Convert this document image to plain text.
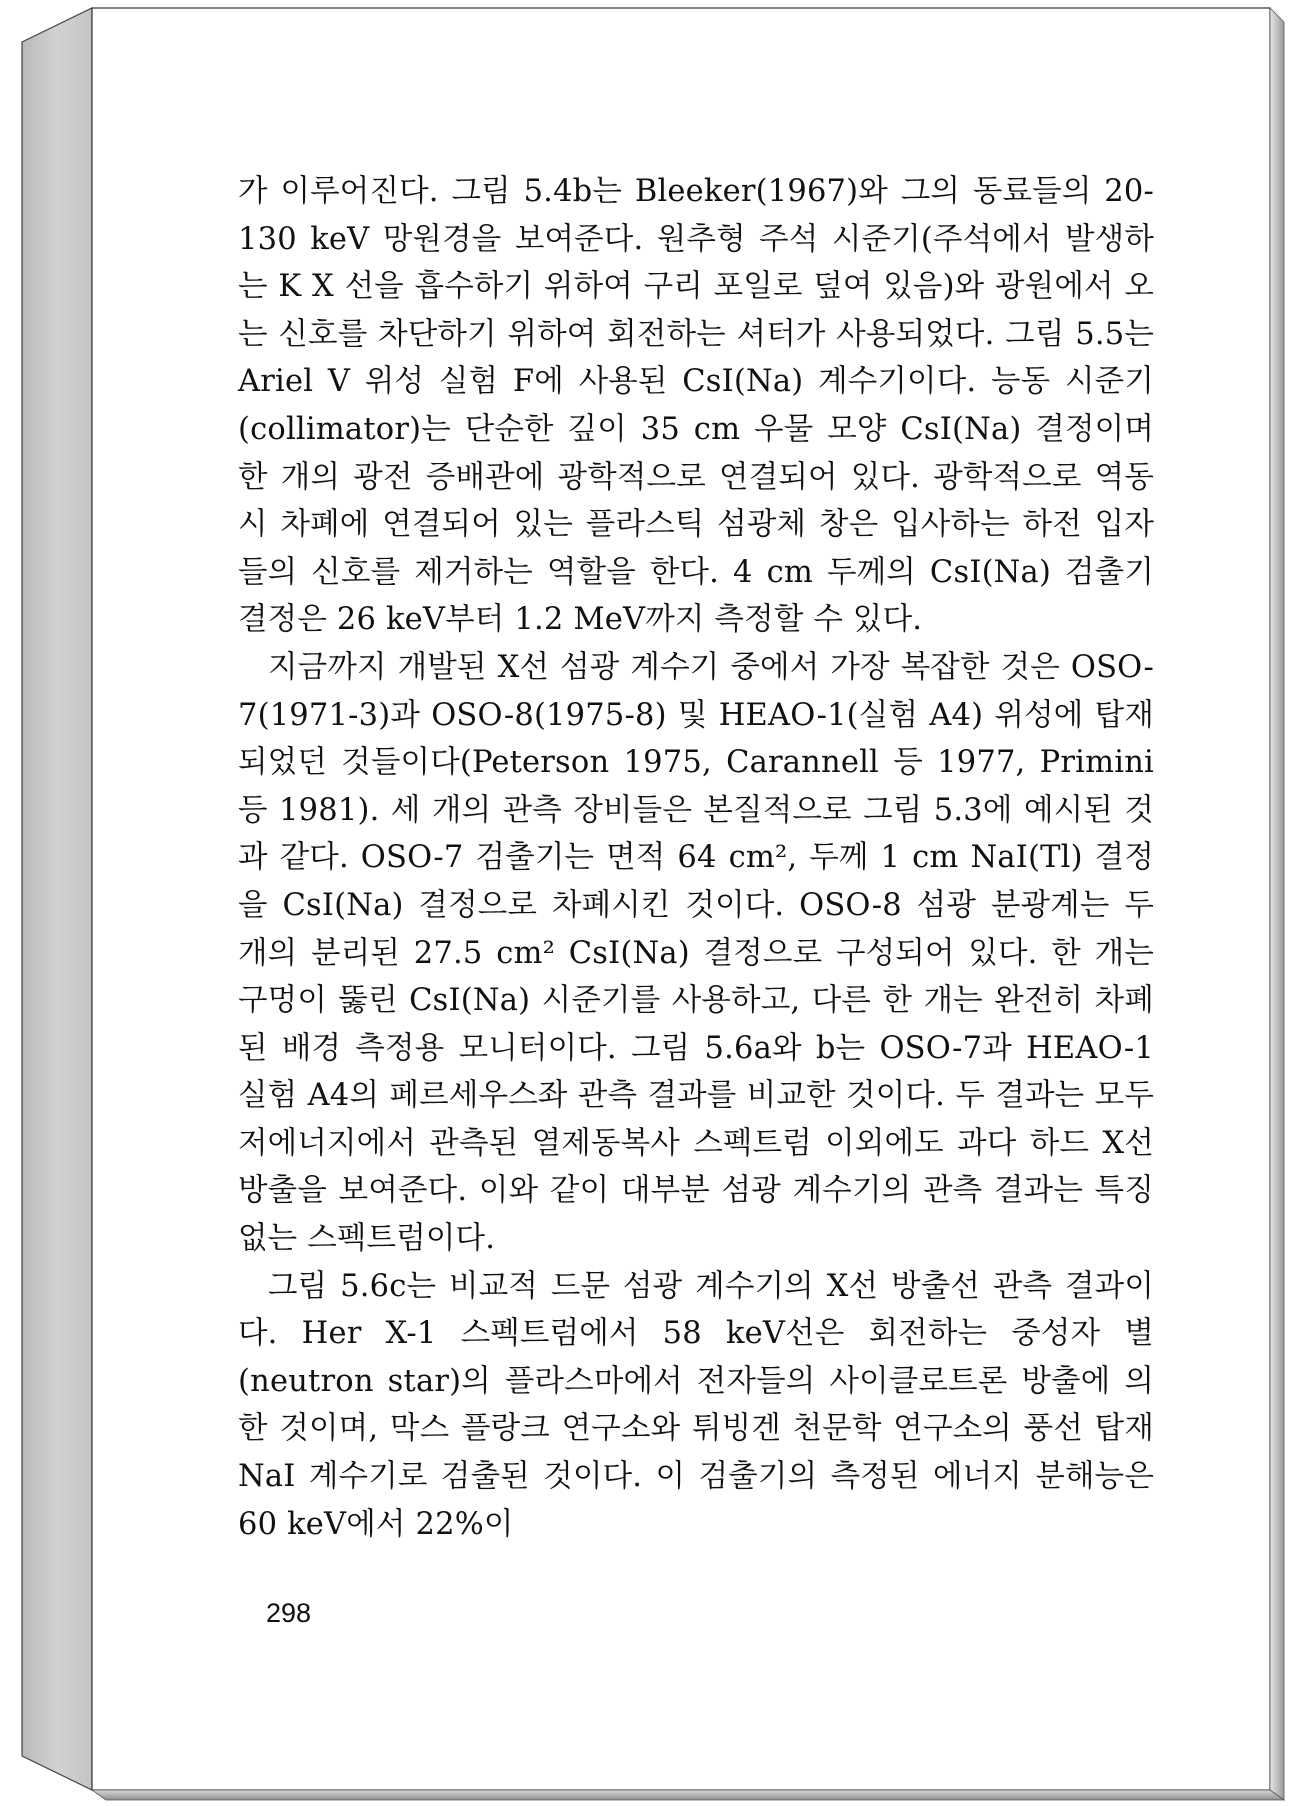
가 이루어진다. 그림 5.4b는 Bleeker(1967)와 그의 동료들의 20-130 keV 망원경을 보여준다. 원추형 주석 시준기(주석에서 발생하는 K X 선을 흡수하기 위하여 구리 포일로 덮여 있음)와 광원에서 오는 신호를 차단하기 위하여 회전하는 셔터가 사용되었다. 그림 5.5는 Ariel V 위성 실험 F에 사용된 CsI(Na) 계수기이다. 능동 시준기(collimator)는 단순한 깊이 35 cm 우물 모양 CsI(Na) 결정이며 한 개의 광전 증배관에 광학적으로 연결되어 있다. 광학적으로 역동시 차폐에 연결되어 있는 플라스틱 섬광체 창은 입사하는 하전 입자들의 신호를 제거하는 역할을 한다. 4 cm 두께의 CsI(Na) 검출기 결정은 26 keV부터 1.2 MeV까지 측정할 수 있다.

지금까지 개발된 X선 섬광 계수기 중에서 가장 복잡한 것은 OSO-7(1971-3)과 OSO-8(1975-8) 및 HEAO-1(실험 A4) 위성에 탑재 되었던 것들이다(Peterson 1975, Carannell 등 1977, Primini 등 1981). 세 개의 관측 장비들은 본질적으로 그림 5.3에 예시된 것과 같다. OSO-7 검출기는 면적 64 cm², 두께 1 cm NaI(Tl) 결정을 CsI(Na) 결정으로 차폐시킨 것이다. OSO-8 섬광 분광계는 두 개의 분리된 27.5 cm² CsI(Na) 결정으로 구성되어 있다. 한 개는 구멍이 뚫린 CsI(Na) 시준기를 사용하고, 다른 한 개는 완전히 차폐된 배경 측정용 모니터이다. 그림 5.6a와 b는 OSO-7과 HEAO-1 실험 A4의 페르세우스좌 관측 결과를 비교한 것이다. 두 결과는 모두 저에너지에서 관측된 열제동복사 스펙트럼 이외에도 과다 하드 X선 방출을 보여준다. 이와 같이 대부분 섬광 계수기의 관측 결과는 특징없는 스펙트럼이다.

그림 5.6c는 비교적 드문 섬광 계수기의 X선 방출선 관측 결과이다. Her X-1 스펙트럼에서 58 keV선은 회전하는 중성자 별(neutron star)의 플라스마에서 전자들의 사이클로트론 방출에 의한 것이며, 막스 플랑크 연구소와 튀빙겐 천문학 연구소의 풍선 탑재 NaI 계수기로 검출된 것이다. 이 검출기의 측정된 에너지 분해능은 60 keV에서 22%이

298
